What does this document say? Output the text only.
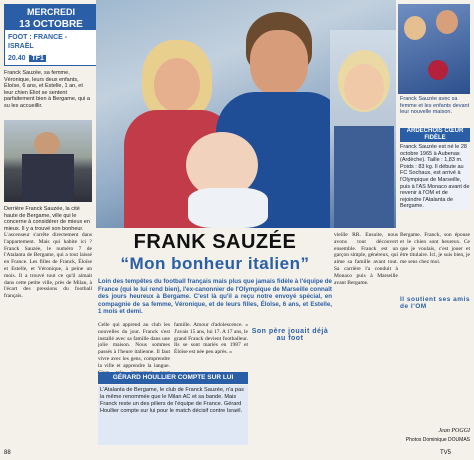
MERCREDI
13 OCTOBRE
FOOT : FRANCE - ISRAËL
20.40 TF1
Franck Sauzée, sa femme, Véronique, leurs deux enfants, Éloïse, 6 ans, et Estelle, 1 an, et leur chien Eliot se sentent parfaitement bien à Bergame, qui a su les accueillir.
Derrière Franck Sauzée, la cité haute de Bergame, ville qui le concerne à considérer de mieux en mieux. Il y a trouvé son bonheur.
Franck Sauzée avec sa femme et les enfants devant leur nouvelle maison.
ARDÉCHOIS CŒUR FIDÈLE
Franck Sauzée est né le 28 octobre 1965 à Aubenas (Ardèche). Taille : 1,83 m. Poids : 83 kg. Il débute au FC Sochaux, est arrivé à l'Olympique de Marseille, puis à l'AS Monaco avant de revenir à l'OM et de rejoindre l'Atalanta de Bergame.
FRANK SAUZÉE
“Mon bonheur italien”
Loin des tempêtes du football français mais plus que jamais fidèle à l'équipe de France (qui le lui rend bien), l'ex-canonnier de l'Olympique de Marseille connaît des jours heureux à Bergame. C'est là qu'il a reçu notre envoyé spécial, en compagnie de sa femme, Véronique, et de leurs filles, Éloïse, 6 ans, et Estelle, 1 mois et demi.
L'ascenseur s'arrête directement dans l'appartement. Mais qui habite ici ? Franck Sauzée, le numéro 7 de l'Atalanta de Bergame, qui a tout laissé en France. Les filles de Franck, Éloïse et Estelle, et Véronique, à peine un mois. Il a trouvé tout ce qu'il aimait dans cette petite ville, près de Milan, à l'écart des pressions du football français.
Celle qui apprend au club les nouvelles du jour. Franck s'est installé avec sa famille dans une jolie maison. Nous sommes passés à l'heure italienne. Il faut vivre avec les gens, comprendre la ville et apprendre la langue.
famille. Amour d'adolescence. « J'avais 15 ans, lui 17. A 17 ans, le grand Franck devient footballeur. Ils se sont mariés en 1987 et Éloïse est née peu après. »
Son père jouait déjà au foot
vieille RR. Ensuite, nous avons tout découvert ensemble. Franck est un garçon simple, généreux, qui aime sa famille avant tout. Sa carrière l'a conduit à Monaco puis à Marseille avant Bergame.
Bergame. Franck, son épouse et le chien sont heureux. Ce que je voulais, c'est jouer et être titulaire. Ici, je suis bien, je me sens chez moi.
Il soutient ses amis de l'OM
GÉRARD HOULLIER COMPTE SUR LUI
L'Atalanta de Bergame, le club de Franck Sauzée, n'a pas la même renommée que le Milan AC et sa bande. Mais Franck reste un des piliers de l'équipe de France. Gérard Houllier compte sur lui pour le match décisif contre Israël.
Jean POGGI
Photos Dominique DOUMAS
88	TV5
